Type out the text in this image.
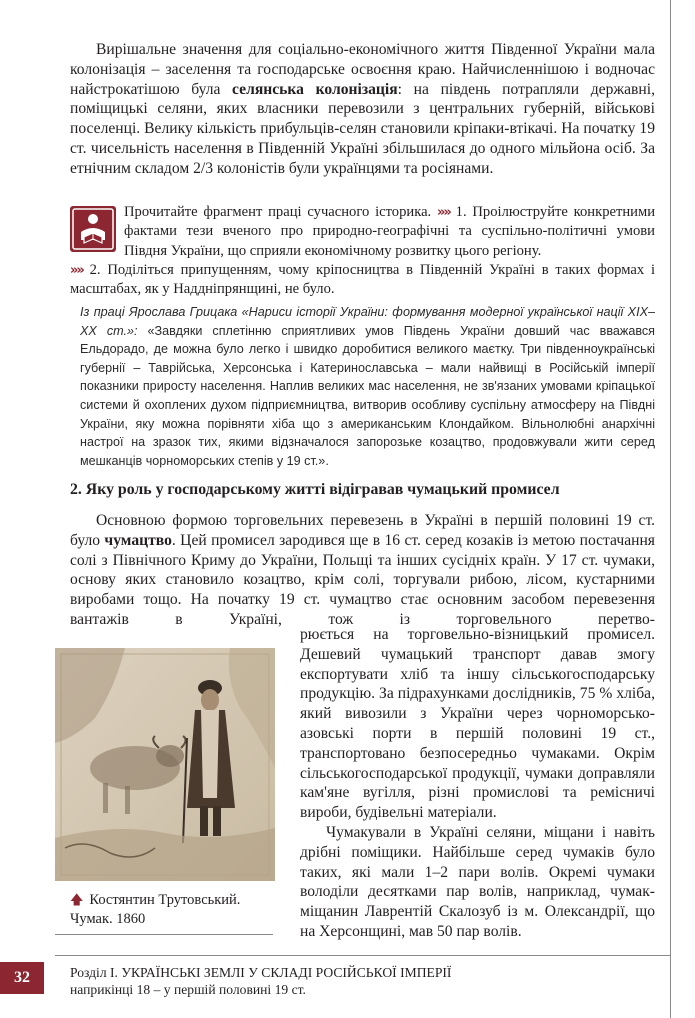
Вирішальне значення для соціально-економічного життя Південної України мала колонізація – заселення та господарське освоєння краю. Найчисленнішою і водночас найстрокатішою була селянська колонізація: на південь потрапляли державні, поміщицькі селяни, яких власники перевозили з центральних губерній, військові поселенці. Велику кількість прибульців-селян становили кріпаки-втікачі. На початку 19 ст. чисельність населення в Південній Україні збільшилася до одного мільйона осіб. За етнічним складом 2/3 колоністів були українцями та росіянами.

Прочитайте фрагмент праці сучасного історика. »» 1. Проілюструйте конкретними фактами тези вченого про природно-географічні та суспільно-політичні умови Півдня України, що сприяли економічному розвитку цього регіону.
»» 2. Поділіться припущенням, чому кріпосництва в Південній Україні в таких формах і масштабах, як у Наддніпрянщині, не було.
Із праці Ярослава Грицака «Нариси історії України: формування модерної української нації XIX–XX ст.»: «Завдяки сплетінню сприятливих умов Південь України довший час вважався Ельдорадо, де можна було легко і швидко доробитися великого маєтку. Три південноукраїнські губернії – Таврійська, Херсонська і Катеринославська – мали найвищі в Російській імперії показники приросту населення. Наплив великих мас населення, не зв'язаних умовами кріпацької системи й охоплених духом підприємництва, витворив особливу суспільну атмосферу на Півдні України, яку можна порівняти хіба що з американським Клондайком. Вільнолюбні анархічні настрої на зразок тих, якими відзначалося запорозьке козацтво, продовжували жити серед мешканців чорноморських степів у 19 ст.».
2. Яку роль у господарському житті відігравав чумацький промисел

Основною формою торговельних перевезень в Україні в першій половині 19 ст. було чумацтво. Цей промисел зародився ще в 16 ст. серед козаків із метою постачання солі з Північного Криму до України, Польщі та інших сусідніх країн. У 17 ст. чумаки, основу яких становило козацтво, крім солі, торгували рибою, лісом, кустарними виробами тощо. На початку 19 ст. чумацтво стає основним засобом перевезення вантажів в Україні, тож із торговельного перетво-

рюється на торговельно-візницький промисел. Дешевий чумацький транспорт давав змогу експортувати хліб та іншу сільськогосподарську продукцію. За підрахунками дослідників, 75 % хліба, який вивозили з України через чорноморсько-азовські порти в першій половині 19 ст., транспортовано безпосередньо чумаками. Окрім сільськогосподарської продукції, чумаки доправляли кам'яне вугілля, різні промислові та ремісничі вироби, будівельні матеріали.

Чумакували в Україні селяни, міщани і навіть дрібні поміщики. Найбільше серед чумаків було таких, які мали 1–2 пари волів. Окремі чумаки володіли десятками пар волів, наприклад, чумак-міщанин Лаврентій Скалозуб із м. Олександрії, що на Херсонщині, мав 50 пар волів.

🡅 Костянтин Трутовський.
Чумак. 1860
32	Розділ I. УКРАЇНСЬКІ ЗЕМЛІ У СКЛАДІ РОСІЙСЬКОЇ ІМПЕРІЇ
наприкінці 18 – у першій половині 19 ст.
